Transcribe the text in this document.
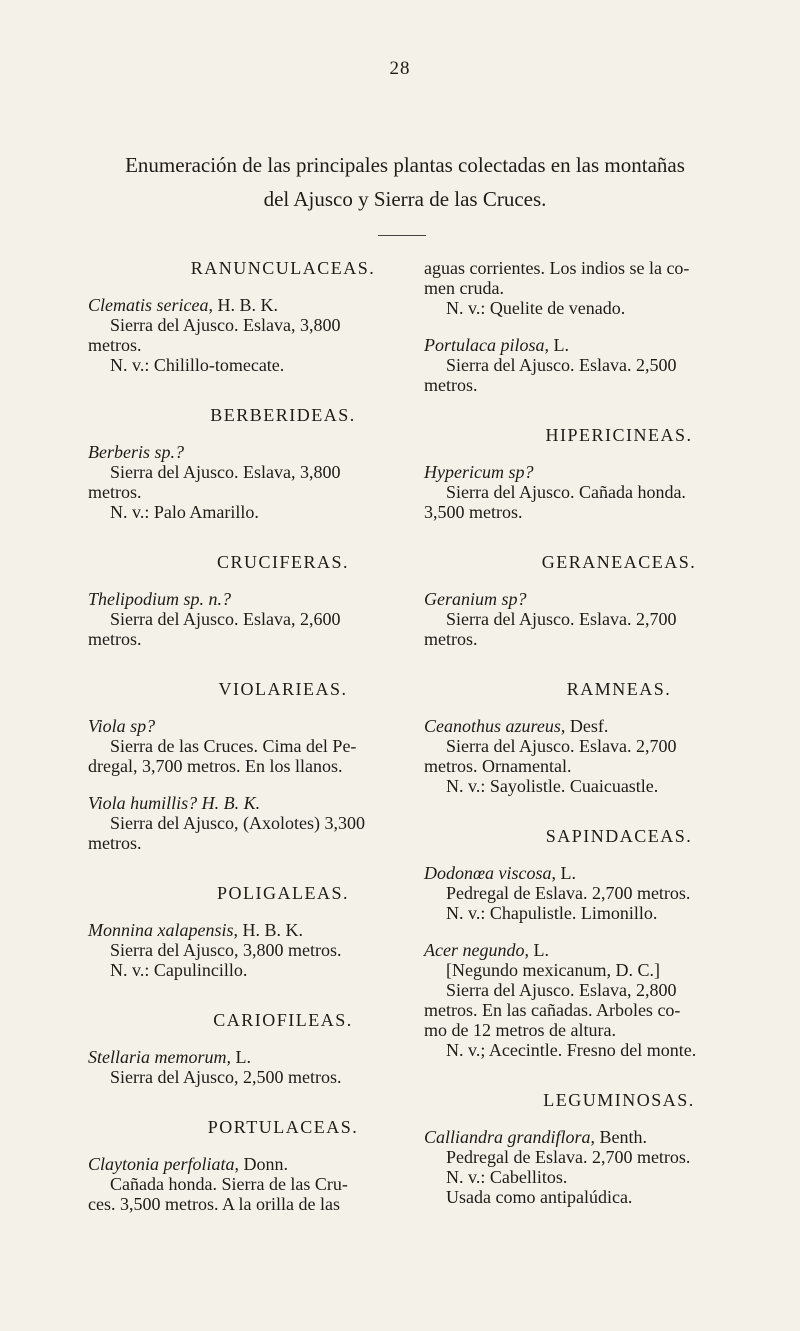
28
Enumeración de las principales plantas colectadas en las montañas
del Ajusco y Sierra de las Cruces.
RANUNCULACEAS.
Clematis sericea, H. B. K.
Sierra del Ajusco. Eslava, 3,800
metros.
N. v.: Chilillo-tomecate.
BERBERIDEAS.
Berberis sp.?
Sierra del Ajusco. Eslava, 3,800
metros.
N. v.: Palo Amarillo.
CRUCIFERAS.
Thelipodium sp. n.?
Sierra del Ajusco. Eslava, 2,600
metros.
VIOLARIEAS.
Viola sp?
Sierra de las Cruces. Cima del Pe-
dregal, 3,700 metros. En los llanos.
Viola humillis? H. B. K.
Sierra del Ajusco, (Axolotes) 3,300
metros.
POLIGALEAS.
Monnina xalapensis, H. B. K.
Sierra del Ajusco, 3,800 metros.
N. v.: Capulincillo.
CARIOFILEAS.
Stellaria memorum, L.
Sierra del Ajusco, 2,500 metros.
PORTULACEAS.
Claytonia perfoliata, Donn.
Cañada honda. Sierra de las Cru-
ces. 3,500 metros. A la orilla de las
aguas corrientes. Los indios se la co-
men cruda.
N. v.: Quelite de venado.
Portulaca pilosa, L.
Sierra del Ajusco. Eslava. 2,500
metros.
HIPERICINEAS.
Hypericum sp?
Sierra del Ajusco. Cañada honda.
3,500 metros.
GERANEACEAS.
Geranium sp?
Sierra del Ajusco. Eslava. 2,700
metros.
RAMNEAS.
Ceanothus azureus, Desf.
Sierra del Ajusco. Eslava. 2,700
metros. Ornamental.
N. v.: Sayolistle. Cuaicuastle.
SAPINDACEAS.
Dodonœa viscosa, L.
Pedregal de Eslava. 2,700 metros.
N. v.: Chapulistle. Limonillo.
Acer negundo, L.
[Negundo mexicanum, D. C.]
Sierra del Ajusco. Eslava, 2,800
metros. En las cañadas. Arboles co-
mo de 12 metros de altura.
N. v.; Acecintle. Fresno del monte.
LEGUMINOSAS.
Calliandra grandiflora, Benth.
Pedregal de Eslava. 2,700 metros.
N. v.: Cabellitos.
Usada como antipalúdica.
